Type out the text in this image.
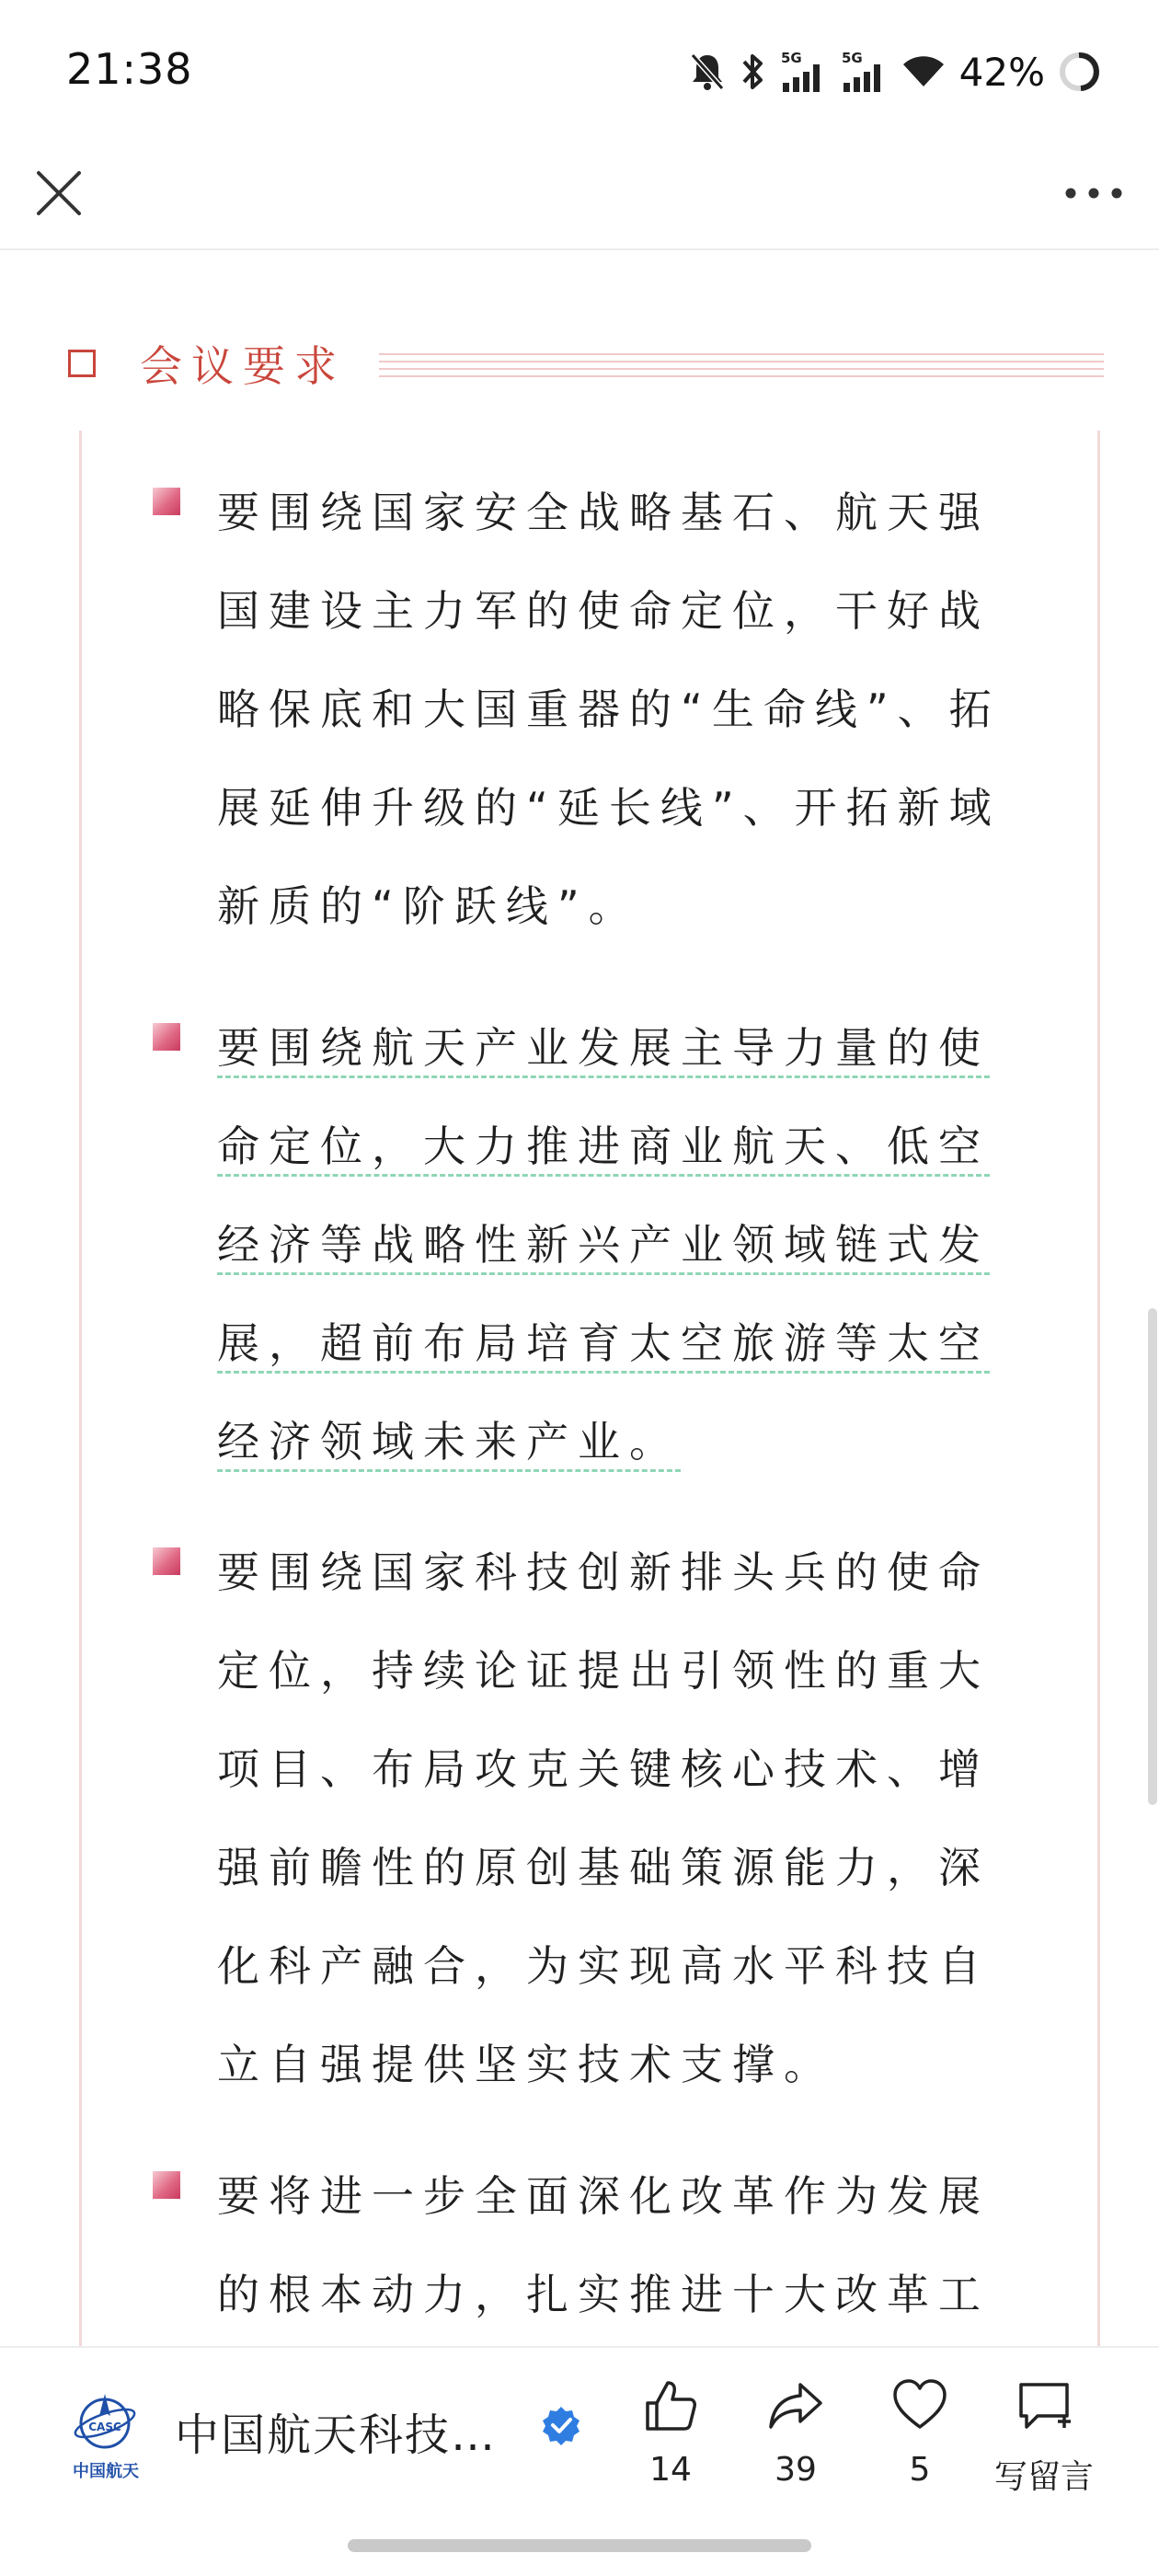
21:38	5G	5G	42%
会议要求
要围绕国家安全战略基石、航天强国建设主力军的使命定位，干好战略保底和大国重器的“生命线”、拓展延伸升级的“延长线”、开拓新域新质的“阶跃线”。
要围绕航天产业发展主导力量的使命定位，大力推进商业航天、低空经济等战略性新兴产业领域链式发展，超前布局培育太空旅游等太空经济领域未来产业。
要围绕国家科技创新排头兵的使命定位，持续论证提出引领性的重大项目、布局攻克关键核心技术、增强前瞻性的原创基础策源能力，深化科产融合，为实现高水平科技自立自强提供坚实技术支撑。
要将进一步全面深化改革作为发展的根本动力，扎实推进十大改革工
CASC
中国航天
中国航天科技…
14	39	5	写留言
